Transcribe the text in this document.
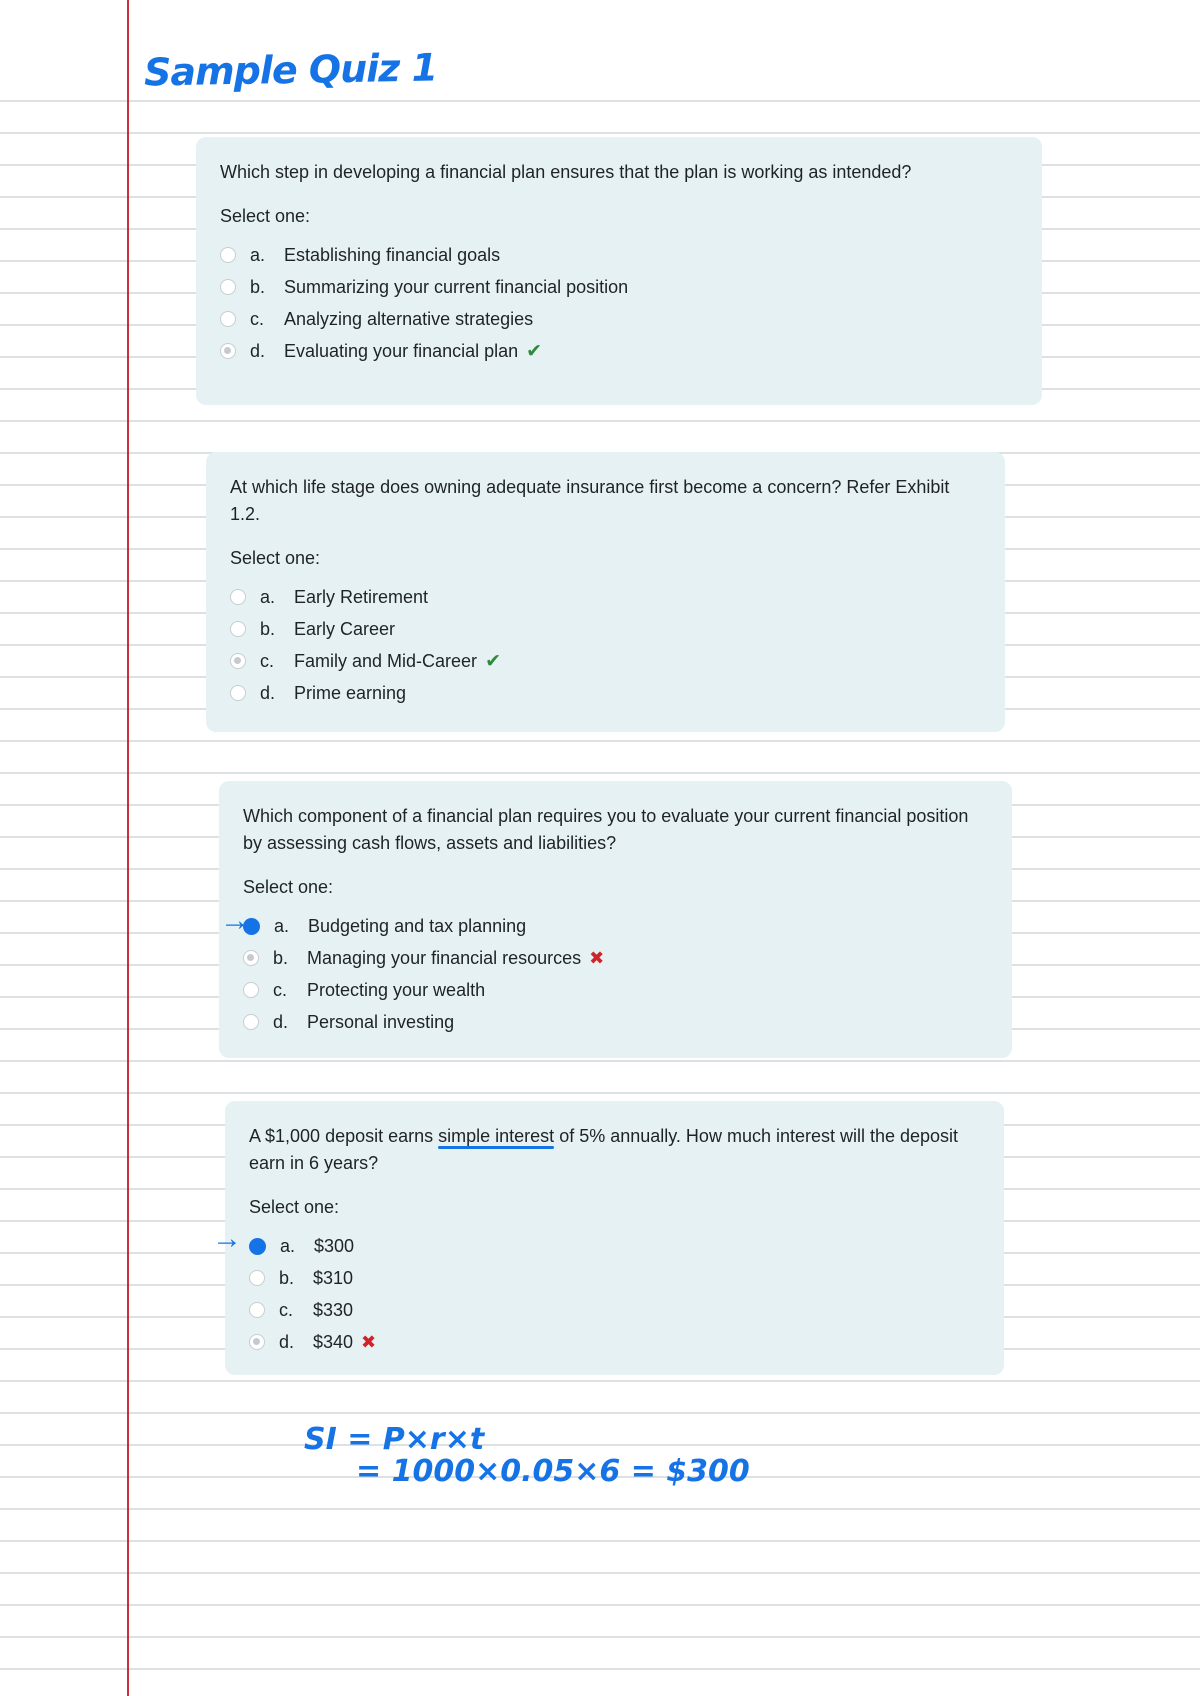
Sample Quiz 1

Which step in developing a financial plan ensures that the plan is working as intended?

Select one:

a.	Establishing financial goals
b.	Summarizing your current financial position
c.	Analyzing alternative strategies
d.	Evaluating your financial plan ✔

At which life stage does owning adequate insurance first become a concern? Refer Exhibit 1.2.

Select one:

a.	Early Retirement
b.	Early Career
c.	Family and Mid-Career ✔
d.	Prime earning

Which component of a financial plan requires you to evaluate your current financial position by assessing cash flows, assets and liabilities?

Select one:

a.	Budgeting and tax planning
b.	Managing your financial resources ✖
c.	Protecting your wealth
d.	Personal investing
→

A $1,000 deposit earns simple interest of 5% annually. How much interest will the deposit earn in 6 years?

Select one:

a.	$300
b.	$310
c.	$330
d.	$340 ✖
→

SI = P×r×t

= 1000×0.05×6 = $300
